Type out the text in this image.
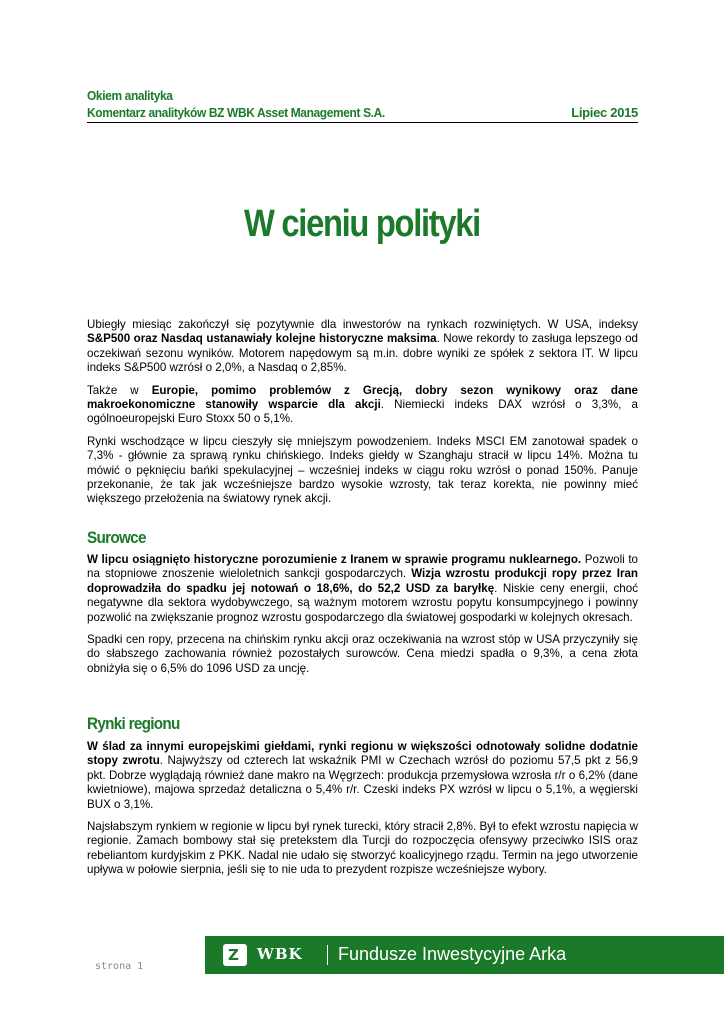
Okiem analityka
Komentarz analityków BZ WBK Asset Management S.A.	Lipiec 2015
W cieniu polityki

Ubiegły miesiąc zakończył się pozytywnie dla inwestorów na rynkach rozwiniętych. W USA, indeksy S&P500 oraz Nasdaq ustanawiały kolejne historyczne maksima. Nowe rekordy to zasługa lepszego od oczekiwań sezonu wyników. Motorem napędowym są m.in. dobre wyniki ze spółek z sektora IT. W lipcu indeks S&P500 wzrósł o 2,0%, a Nasdaq o 2,85%.

Także w Europie, pomimo problemów z Grecją, dobry sezon wynikowy oraz dane makroekonomiczne stanowiły wsparcie dla akcji. Niemiecki indeks DAX wzrósł o 3,3%, a ogólnoeuropejski Euro Stoxx 50 o 5,1%.

Rynki wschodzące w lipcu cieszyły się mniejszym powodzeniem. Indeks MSCI EM zanotował spadek o 7,3% - głównie za sprawą rynku chińskiego. Indeks giełdy w Szanghaju stracił w lipcu 14%. Można tu mówić o pęknięciu bańki spekulacyjnej – wcześniej indeks w ciągu roku wzrósł o ponad 150%. Panuje przekonanie, że tak jak wcześniejsze bardzo wysokie wzrosty, tak teraz korekta, nie powinny mieć większego przełożenia na światowy rynek akcji.

Surowce

W lipcu osiągnięto historyczne porozumienie z Iranem w sprawie programu nuklearnego. Pozwoli to na stopniowe znoszenie wieloletnich sankcji gospodarczych. Wizja wzrostu produkcji ropy przez Iran doprowadziła do spadku jej notowań o 18,6%, do 52,2 USD za baryłkę. Niskie ceny energii, choć negatywne dla sektora wydobywczego, są ważnym motorem wzrostu popytu konsumpcyjnego i powinny pozwolić na zwiększanie prognoz wzrostu gospodarczego dla światowej gospodarki w kolejnych okresach.

Spadki cen ropy, przecena na chińskim rynku akcji oraz oczekiwania na wzrost stóp w USA przyczyniły się do słabszego zachowania również pozostałych surowców. Cena miedzi spadła o 9,3%, a cena złota obniżyła się o 6,5% do 1096 USD za uncję.

Rynki regionu

W ślad za innymi europejskimi giełdami, rynki regionu w większości odnotowały solidne dodatnie stopy zwrotu. Najwyższy od czterech lat wskaźnik PMI w Czechach wzrósł do poziomu 57,5 pkt z 56,9 pkt. Dobrze wyglądają również dane makro na Węgrzech: produkcja przemysłowa wzrosła r/r o 6,2% (dane kwietniowe), majowa sprzedaż detaliczna o 5,4% r/r. Czeski indeks PX wzrósł w lipcu o 5,1%, a węgierski BUX o 3,1%.

Najsłabszym rynkiem w regionie w lipcu był rynek turecki, który stracił 2,8%. Był to efekt wzrostu napięcia w regionie. Zamach bombowy stał się pretekstem dla Turcji do rozpoczęcia ofensywy przeciwko ISIS oraz rebeliantom kurdyjskim z PKK. Nadal nie udało się stworzyć koalicyjnego rządu. Termin na jego utworzenie upływa w połowie sierpnia, jeśli się to nie uda to prezydent rozpisze wcześniejsze wybory.

Z WBK Fundusze Inwestycyjne Arka
strona 1
